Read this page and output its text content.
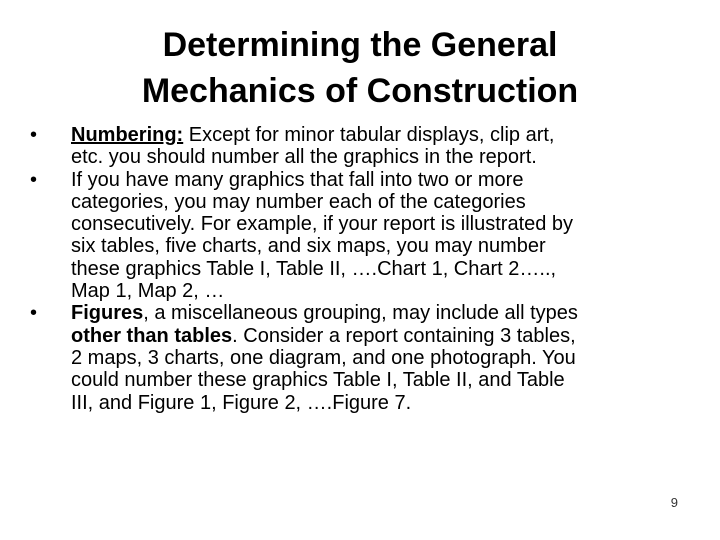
Determining the General
Mechanics of Construction
•	Numbering: Except for minor tabular displays, clip art,
etc. you should number all the graphics in the report.
•	If you have many graphics that fall into two or more
categories, you may number each of the categories
consecutively. For example, if your report is illustrated by
six tables, five charts, and six maps, you may number
these graphics Table I, Table II, ….Chart 1, Chart 2…..,
Map 1, Map 2, …
•	Figures, a miscellaneous grouping, may include all types
other than tables. Consider a report containing 3 tables,
2 maps, 3 charts, one diagram, and one photograph. You
could number these graphics Table I, Table II, and Table
III, and Figure 1, Figure 2, ….Figure 7.
9
